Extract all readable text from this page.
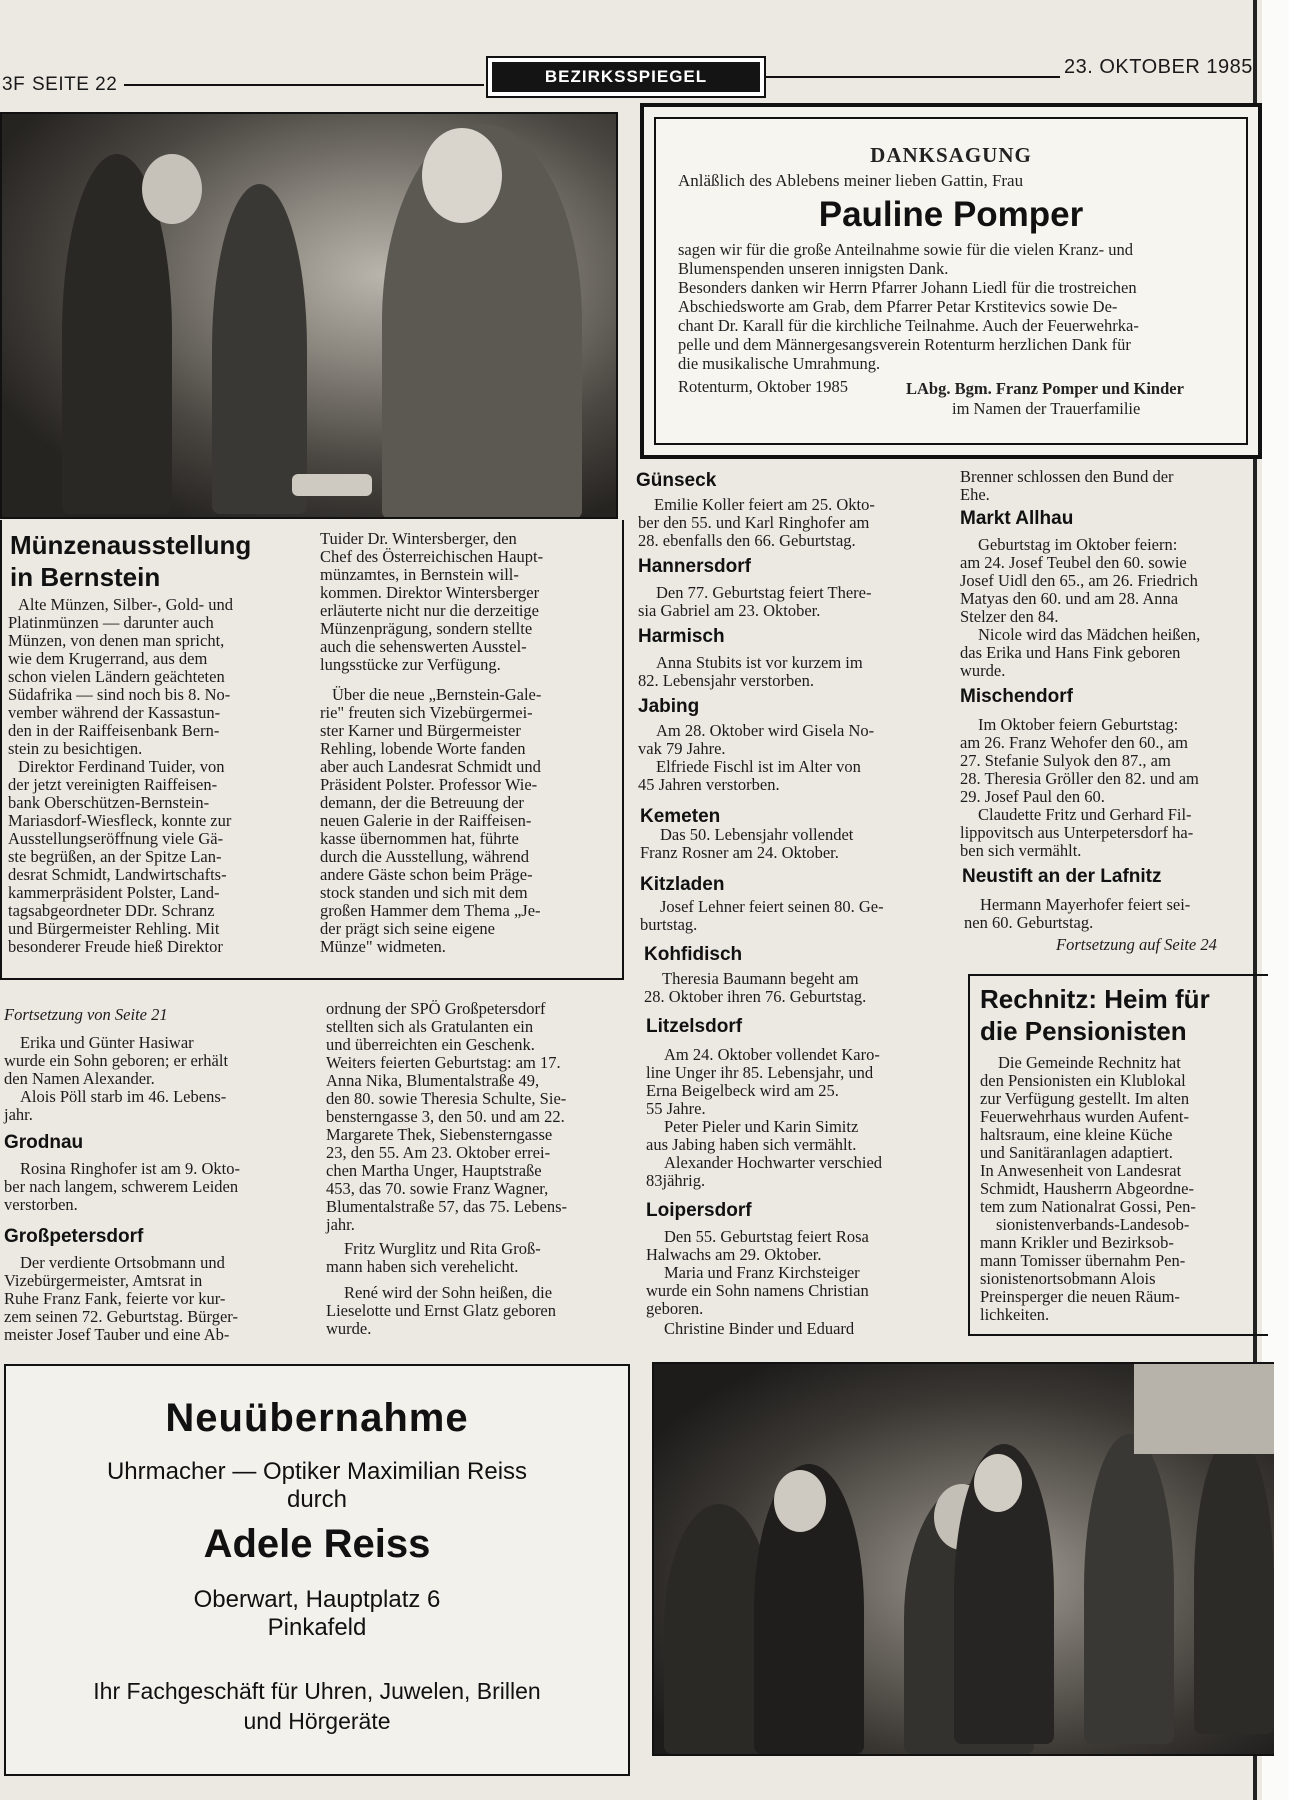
3F SEITE 22	BEZIRKSSPIEGEL	23. OKTOBER 1985
DANKSAGUNG
Anläßlich des Ablebens meiner lieben Gattin, Frau
Pauline Pomper
sagen wir für die große Anteilnahme sowie für die vielen Kranz- und
Blumenspenden unseren innigsten Dank.
Besonders danken wir Herrn Pfarrer Johann Liedl für die trostreichen
Abschiedsworte am Grab, dem Pfarrer Petar Krstitevics sowie De-
chant Dr. Karall für die kirchliche Teilnahme. Auch der Feuerwehrka-
pelle und dem Männergesangsverein Rotenturm herzlichen Dank für
die musikalische Umrahmung.
Rotenturm, Oktober 1985	LAbg. Bgm. Franz Pomper und Kinder
im Namen der Trauerfamilie
Münzenausstellung
in Bernstein
Alte Münzen, Silber-, Gold- und
Platinmünzen — darunter auch
Münzen, von denen man spricht,
wie dem Krugerrand, aus dem
schon vielen Ländern geächteten
Südafrika — sind noch bis 8. No-
vember während der Kassastun-
den in der Raiffeisenbank Bern-
stein zu besichtigen.
Direktor Ferdinand Tuider, von
der jetzt vereinigten Raiffeisen-
bank Oberschützen-Bernstein-
Mariasdorf-Wiesfleck, konnte zur
Ausstellungseröffnung viele Gä-
ste begrüßen, an der Spitze Lan-
desrat Schmidt, Landwirtschafts-
kammerpräsident Polster, Land-
tagsabgeordneter DDr. Schranz
und Bürgermeister Rehling. Mit
besonderer Freude hieß Direktor
Tuider Dr. Wintersberger, den
Chef des Österreichischen Haupt-
münzamtes, in Bernstein will-
kommen. Direktor Wintersberger
erläuterte nicht nur die derzeitige
Münzenprägung, sondern stellte
auch die sehenswerten Ausstel-
lungsstücke zur Verfügung.
Über die neue „Bernstein-Gale-
rie" freuten sich Vizebürgermei-
ster Karner und Bürgermeister
Rehling, lobende Worte fanden
aber auch Landesrat Schmidt und
Präsident Polster. Professor Wie-
demann, der die Betreuung der
neuen Galerie in der Raiffeisen-
kasse übernommen hat, führte
durch die Ausstellung, während
andere Gäste schon beim Präge-
stock standen und sich mit dem
großen Hammer dem Thema „Je-
der prägt sich seine eigene
Münze" widmeten.
Fortsetzung von Seite 21
Erika und Günter Hasiwar
wurde ein Sohn geboren; er erhält
den Namen Alexander.
Alois Pöll starb im 46. Lebens-
jahr.
Grodnau
Rosina Ringhofer ist am 9. Okto-
ber nach langem, schwerem Leiden
verstorben.
Großpetersdorf
Der verdiente Ortsobmann und
Vizebürgermeister, Amtsrat in
Ruhe Franz Fank, feierte vor kur-
zem seinen 72. Geburtstag. Bürger-
meister Josef Tauber und eine Ab-
ordnung der SPÖ Großpetersdorf
stellten sich als Gratulanten ein
und überreichten ein Geschenk.
Weiters feierten Geburtstag: am 17.
Anna Nika, Blumentalstraße 49,
den 80. sowie Theresia Schulte, Sie-
bensterngasse 3, den 50. und am 22.
Margarete Thek, Siebensterngasse
23, den 55. Am 23. Oktober errei-
chen Martha Unger, Hauptstraße
453, das 70. sowie Franz Wagner,
Blumentalstraße 57, das 75. Lebens-
jahr.
Fritz Wurglitz und Rita Groß-
mann haben sich verehelicht.
René wird der Sohn heißen, die
Lieselotte und Ernst Glatz geboren
wurde.
Günseck
Emilie Koller feiert am 25. Okto-
ber den 55. und Karl Ringhofer am
28. ebenfalls den 66. Geburtstag.
Hannersdorf
Den 77. Geburtstag feiert There-
sia Gabriel am 23. Oktober.
Harmisch
Anna Stubits ist vor kurzem im
82. Lebensjahr verstorben.
Jabing
Am 28. Oktober wird Gisela No-
vak 79 Jahre.
Elfriede Fischl ist im Alter von
45 Jahren verstorben.
Kemeten
Das 50. Lebensjahr vollendet
Franz Rosner am 24. Oktober.
Kitzladen
Josef Lehner feiert seinen 80. Ge-
burtstag.
Kohfidisch
Theresia Baumann begeht am
28. Oktober ihren 76. Geburtstag.
Litzelsdorf
Am 24. Oktober vollendet Karo-
line Unger ihr 85. Lebensjahr, und
Erna Beigelbeck wird am 25.
55 Jahre.
Peter Pieler und Karin Simitz
aus Jabing haben sich vermählt.
Alexander Hochwarter verschied
83jährig.
Loipersdorf
Den 55. Geburtstag feiert Rosa
Halwachs am 29. Oktober.
Maria und Franz Kirchsteiger
wurde ein Sohn namens Christian
geboren.
Christine Binder und Eduard
Brenner schlossen den Bund der
Ehe.
Markt Allhau
Geburtstag im Oktober feiern:
am 24. Josef Teubel den 60. sowie
Josef Uidl den 65., am 26. Friedrich
Matyas den 60. und am 28. Anna
Stelzer den 84.
Nicole wird das Mädchen heißen,
das Erika und Hans Fink geboren
wurde.
Mischendorf
Im Oktober feiern Geburtstag:
am 26. Franz Wehofer den 60., am
27. Stefanie Sulyok den 87., am
28. Theresia Gröller den 82. und am
29. Josef Paul den 60.
Claudette Fritz und Gerhard Fil-
lippovitsch aus Unterpetersdorf ha-
ben sich vermählt.
Neustift an der Lafnitz
Hermann Mayerhofer feiert sei-
nen 60. Geburtstag.
Fortsetzung auf Seite 24
Rechnitz: Heim für
die Pensionisten
Die Gemeinde Rechnitz hat
den Pensionisten ein Klublokal
zur Verfügung gestellt. Im alten
Feuerwehrhaus wurden Aufent-
haltsraum, eine kleine Küche
und Sanitäranlagen adaptiert.
In Anwesenheit von Landesrat
Schmidt, Hausherrn Abgeordne-
tem zum Nationalrat Gossi, Pen-
sionistenverbands-Landesob-
mann Krikler und Bezirksob-
mann Tomisser übernahm Pen-
sionistenortsobmann Alois
Preinsperger die neuen Räum-
lichkeiten.
Neuübernahme
Uhrmacher — Optiker Maximilian Reiss
durch
Adele Reiss
Oberwart, Hauptplatz 6
Pinkafeld
Ihr Fachgeschäft für Uhren, Juwelen, Brillen
und Hörgeräte
